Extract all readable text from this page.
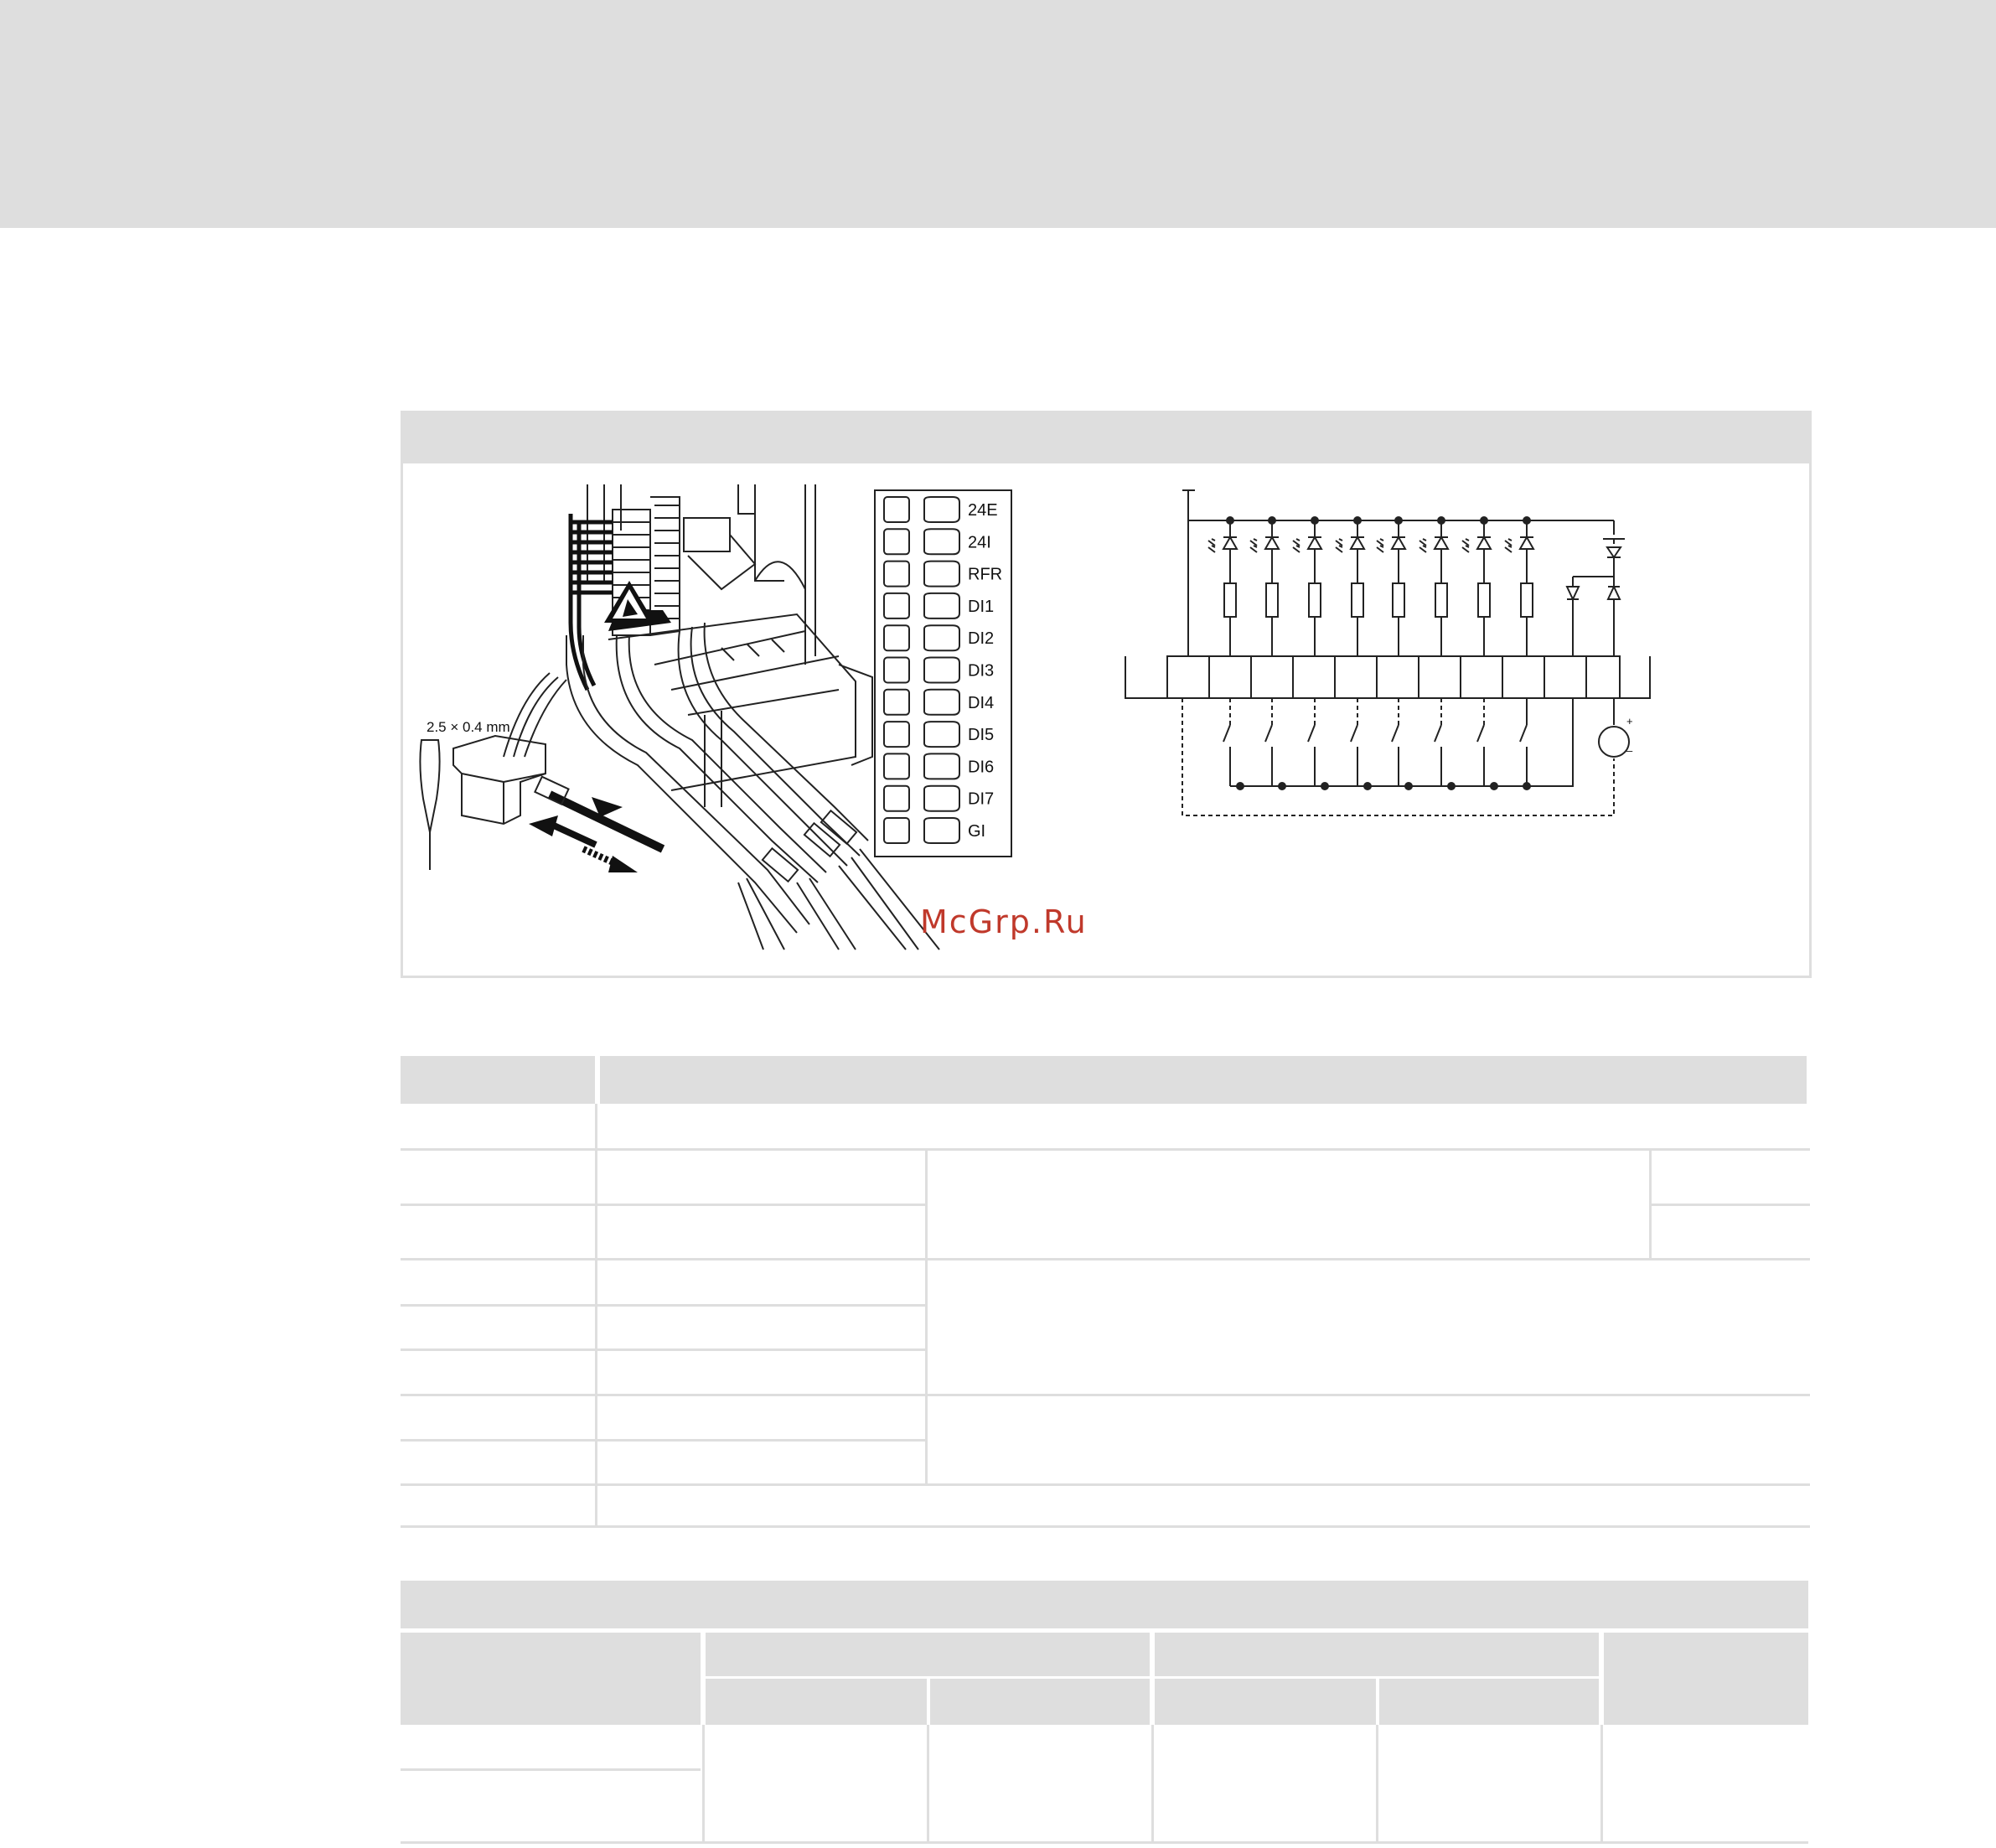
2.5 × 0.4 mm
24E
24I
RFR
DI1
DI2
DI3
DI4
DI5
DI6
DI7
GI
+
–
McGrp.Ru
